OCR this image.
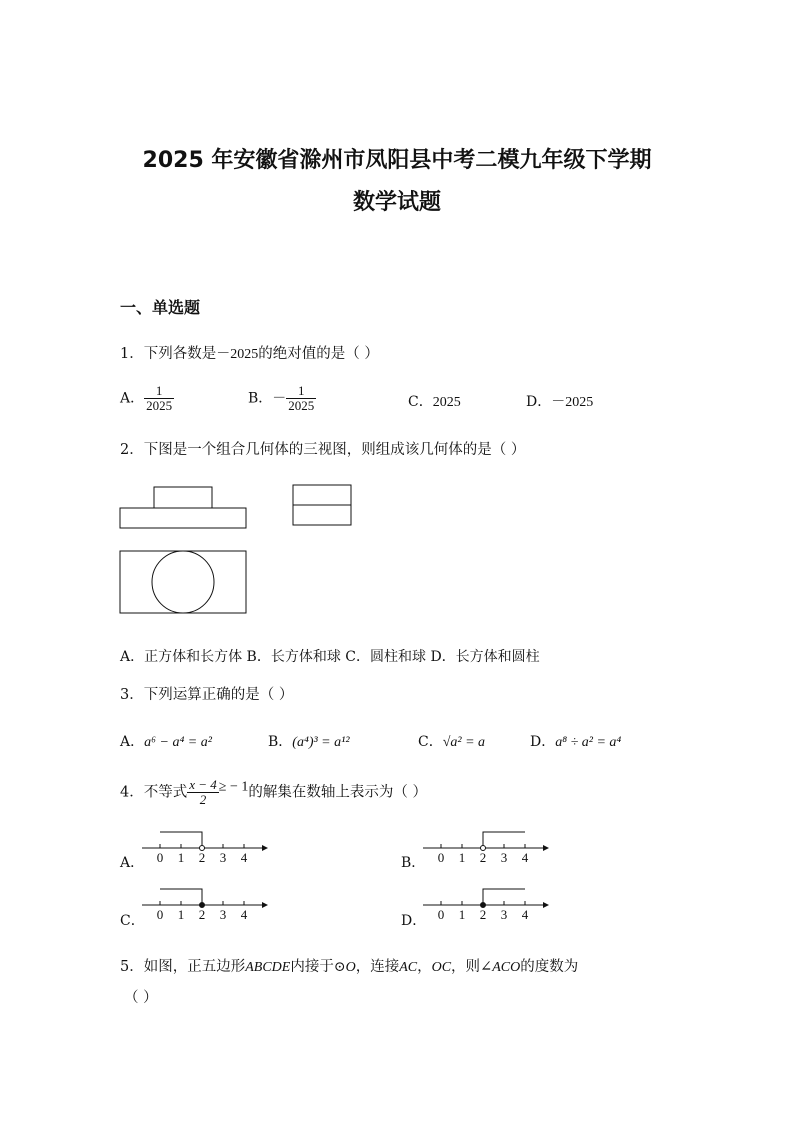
2025 年安徽省滁州市凤阳县中考二模九年级下学期
数学试题
一、单选题
1．下列各数是－2025的绝对值的是（ ）
A． $\frac{1}{2025}$	B．－ $\frac{1}{2025}$	C．2025	D．－2025
2．下图是一个组合几何体的三视图，则组成该几何体的是（ ）
A．正方体和长方体 B．长方体和球 C．圆柱和球 D．长方体和圆柱
3．下列运算正确的是（ ）
A．a⁶ − a⁴ = a²	B．(a⁴)³ = a¹²	C．√a² = a	D．a⁸ ÷ a² = a⁴
4．不等式 $\frac{x - 4}{2}$ ≥ − 1的解集在数轴上表示为（ ）
A．	B．
C．	D．
0 1 2 3 4	0 1 2 3 4
0 1 2 3 4	0 1 2 3 4
5．如图，正五边形ABCDE内接于⊙O，连接AC，OC，则∠ACO的度数为
（ ）
